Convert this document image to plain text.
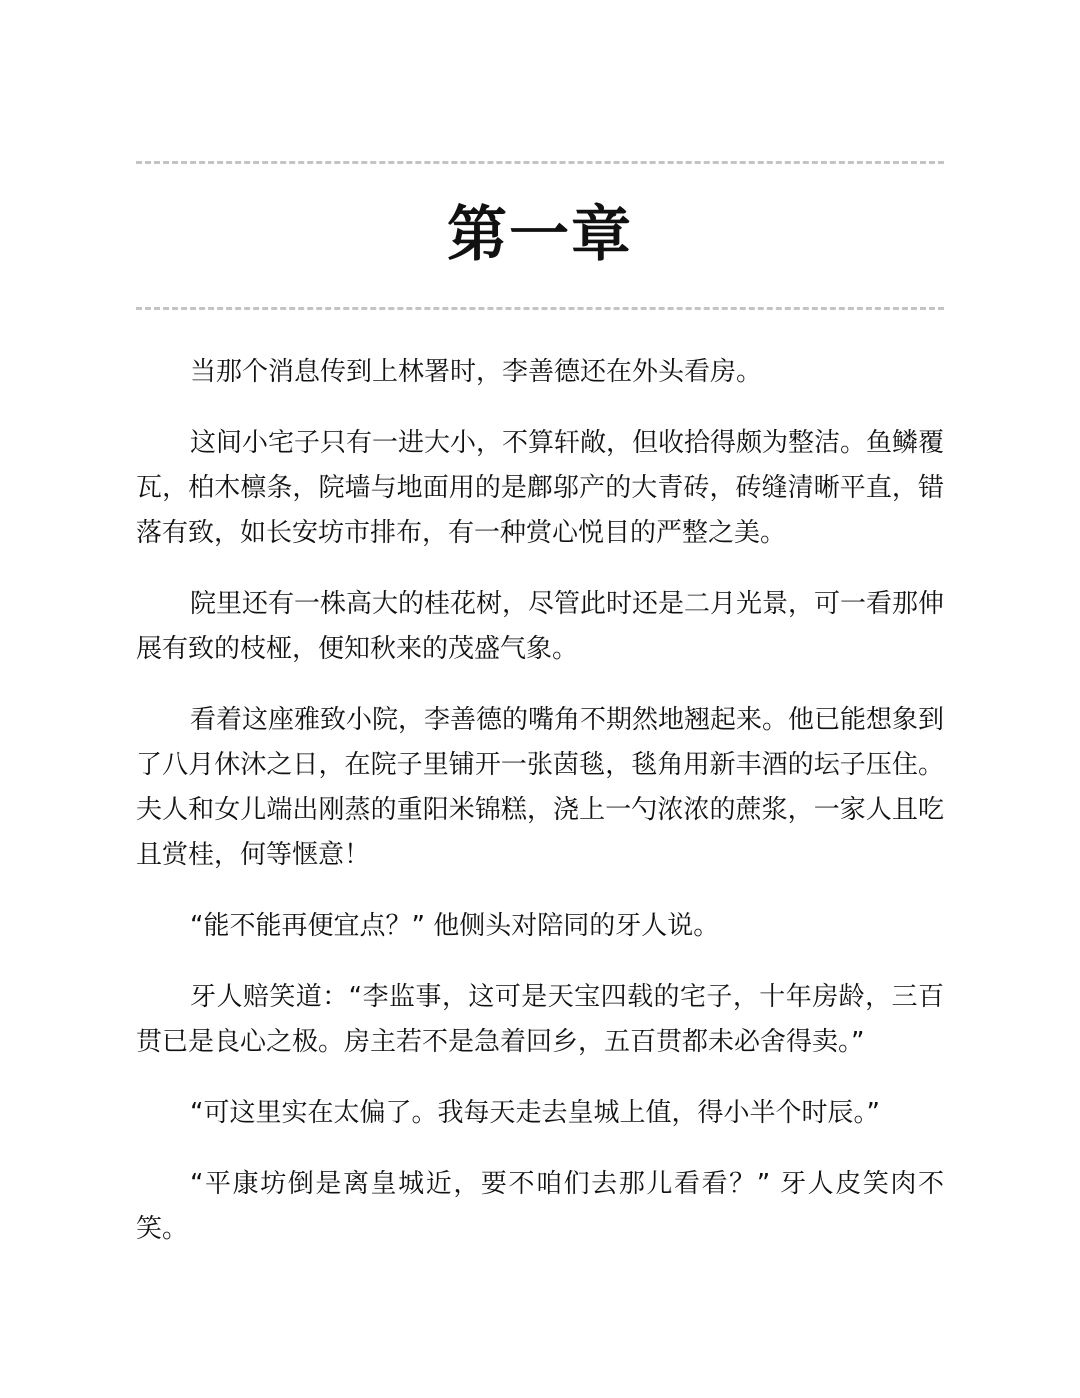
第一章

当那个消息传到上林署时，李善德还在外头看房。

这间小宅子只有一进大小，不算轩敞，但收拾得颇为整洁。鱼鳞覆瓦，柏木檩条，院墙与地面用的是鄜邬产的大青砖，砖缝清晰平直，错落有致，如长安坊市排布，有一种赏心悦目的严整之美。

院里还有一株高大的桂花树，尽管此时还是二月光景，可一看那伸展有致的枝桠，便知秋来的茂盛气象。

看着这座雅致小院，李善德的嘴角不期然地翘起来。他已能想象到了八月休沐之日，在院子里铺开一张茵毯，毯角用新丰酒的坛子压住。夫人和女儿端出刚蒸的重阳米锦糕，浇上一勺浓浓的蔗浆，一家人且吃且赏桂，何等惬意！

“能不能再便宜点？” 他侧头对陪同的牙人说。

牙人赔笑道：“李监事，这可是天宝四载的宅子，十年房龄，三百贯已是良心之极。房主若不是急着回乡，五百贯都未必舍得卖。”

“可这里实在太偏了。我每天走去皇城上值，得小半个时辰。”

“平康坊倒是离皇城近，要不咱们去那儿看看？” 牙人皮笑肉不笑。
